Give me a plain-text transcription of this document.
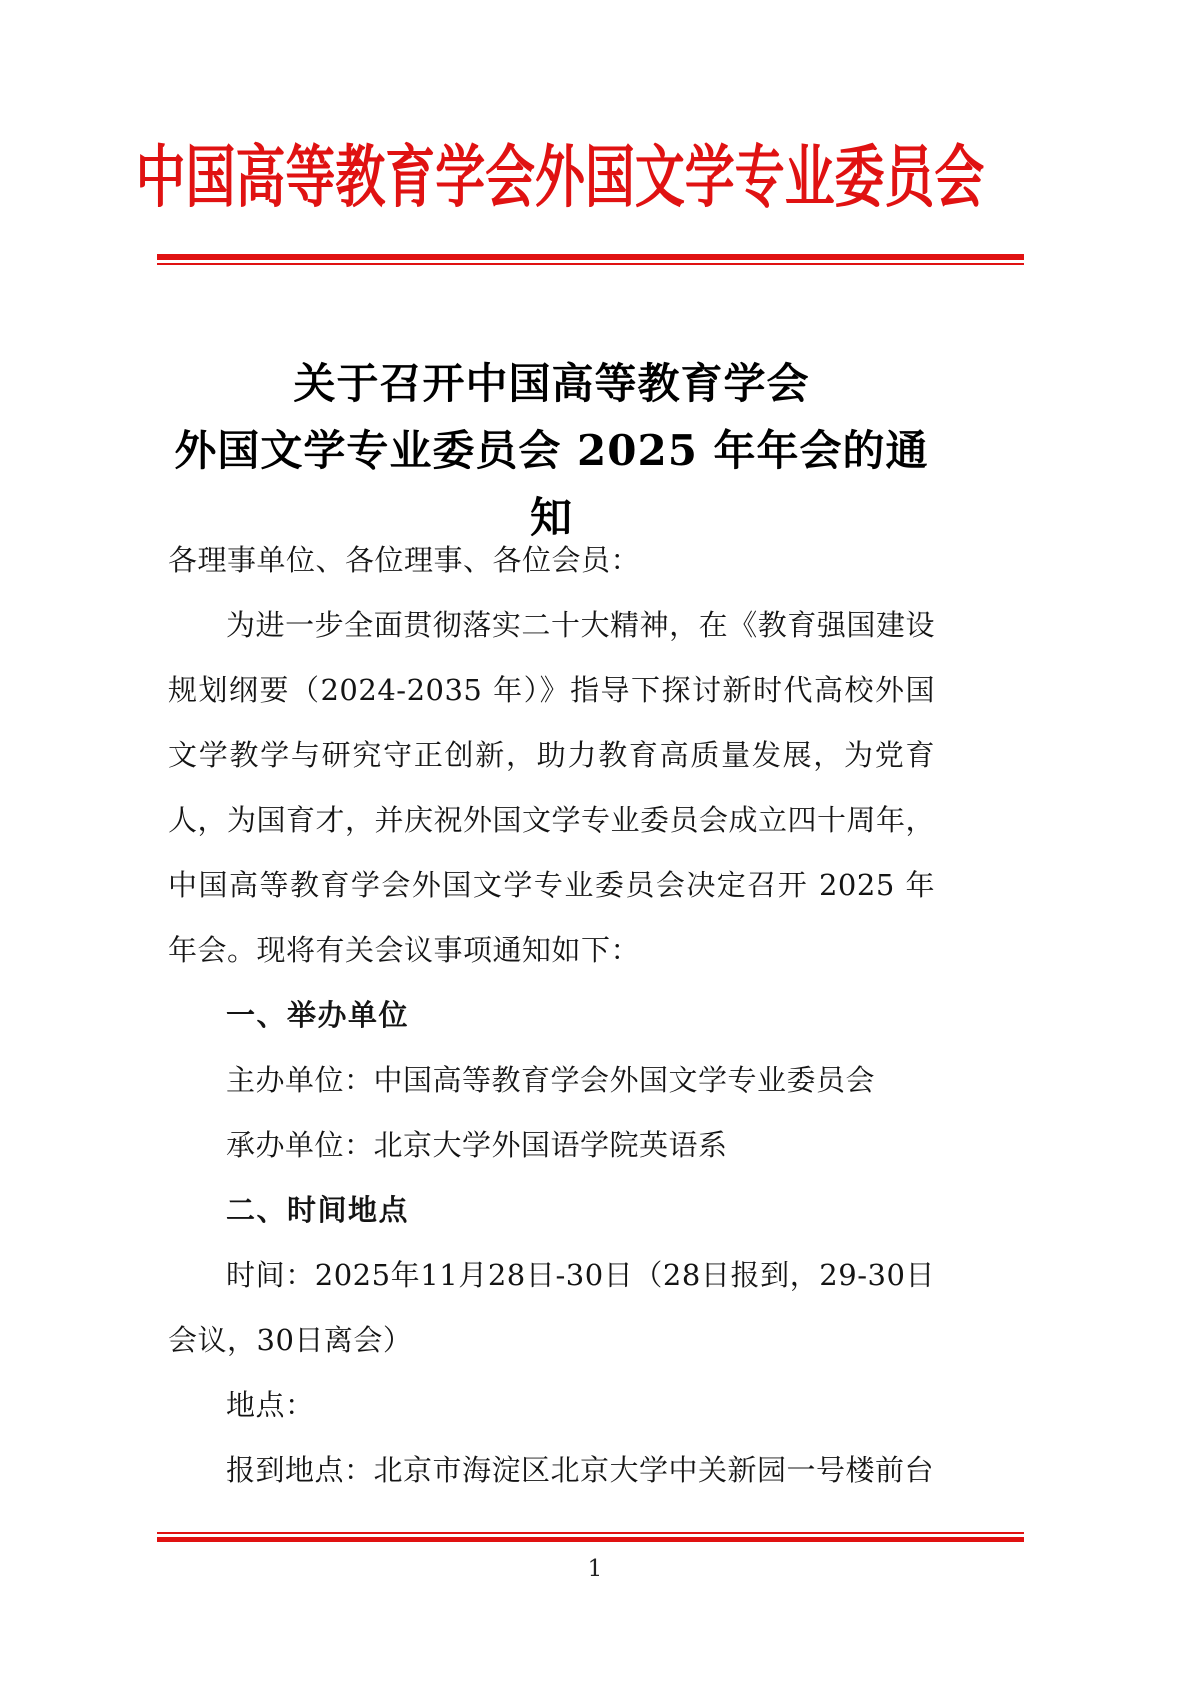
中国高等教育学会外国文学专业委员会
关于召开中国高等教育学会
外国文学专业委员会 2025 年年会的通知

各理事单位、各位理事、各位会员：

为进一步全面贯彻落实二十大精神，在《教育强国建设规划纲要（2024-2035 年）》指导下探讨新时代高校外国文学教学与研究守正创新，助力教育高质量发展，为党育人，为国育才，并庆祝外国文学专业委员会成立四十周年，中国高等教育学会外国文学专业委员会决定召开 2025 年年会。现将有关会议事项通知如下：

一、举办单位

主办单位：中国高等教育学会外国文学专业委员会

承办单位：北京大学外国语学院英语系

二、时间地点

时间：2025年11月28日-30日（28日报到，29-30日会议，30日离会）

地点：

报到地点：北京市海淀区北京大学中关新园一号楼前台

1
